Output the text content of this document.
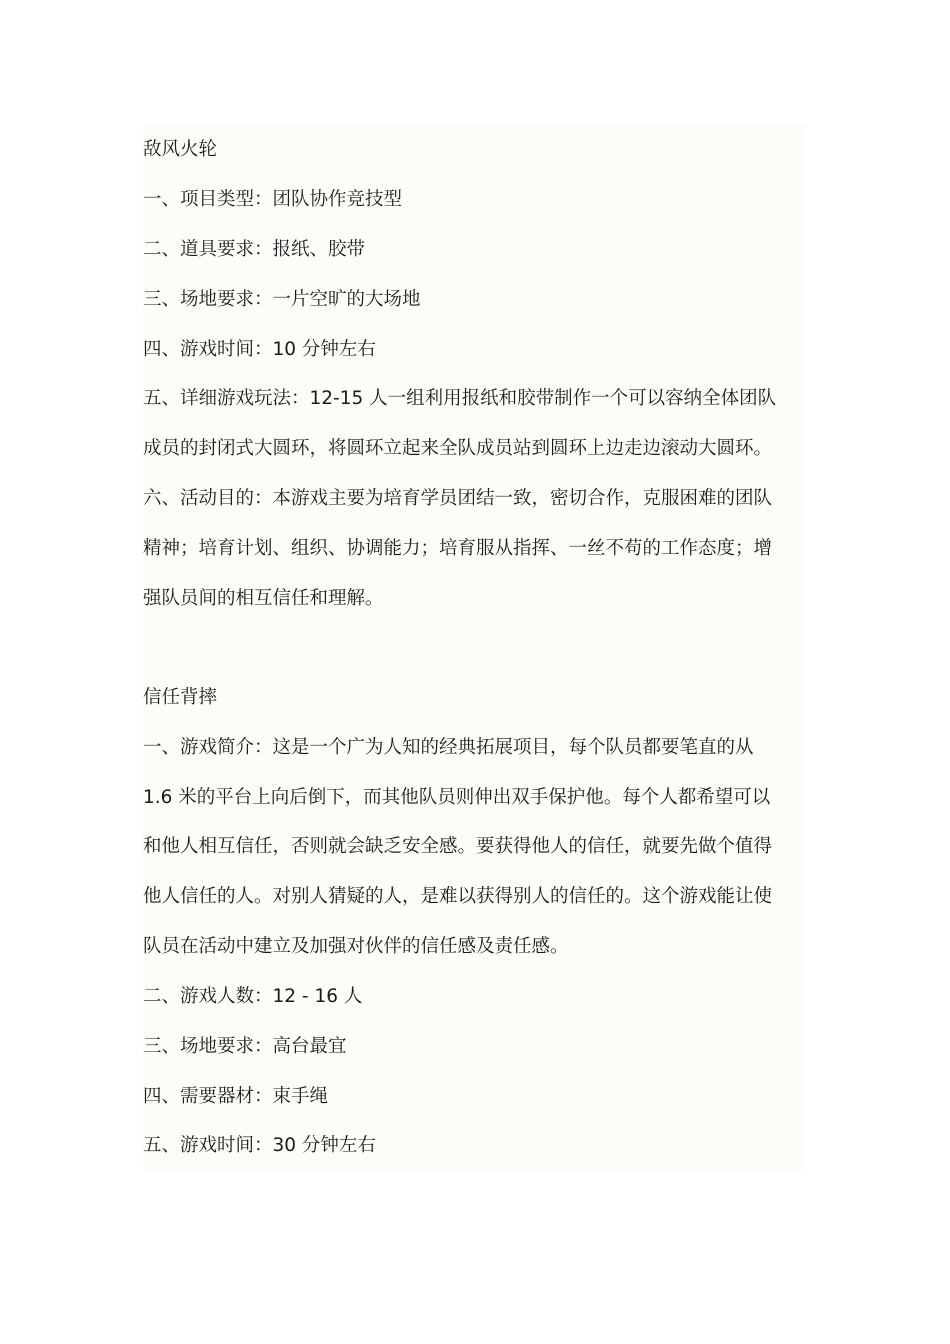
敌风火轮
一、项目类型：团队协作竞技型
二、道具要求：报纸、胶带
三、场地要求：一片空旷的大场地
四、游戏时间：10 分钟左右
五、详细游戏玩法：12-15 人一组利用报纸和胶带制作一个可以容纳全体团队
成员的封闭式大圆环，将圆环立起来全队成员站到圆环上边走边滚动大圆环。
六、活动目的：本游戏主要为培育学员团结一致，密切合作，克服困难的团队
精神；培育计划、组织、协调能力；培育服从指挥、一丝不苟的工作态度；增
强队员间的相互信任和理解。
信任背摔
一、游戏简介：这是一个广为人知的经典拓展项目，每个队员都要笔直的从
1.6 米的平台上向后倒下，而其他队员则伸出双手保护他。每个人都希望可以
和他人相互信任，否则就会缺乏安全感。要获得他人的信任，就要先做个值得
他人信任的人。对别人猜疑的人，是难以获得别人的信任的。这个游戏能让使
队员在活动中建立及加强对伙伴的信任感及责任感。
二、游戏人数：12 - 16 人
三、场地要求：高台最宜
四、需要器材：束手绳
五、游戏时间：30 分钟左右
